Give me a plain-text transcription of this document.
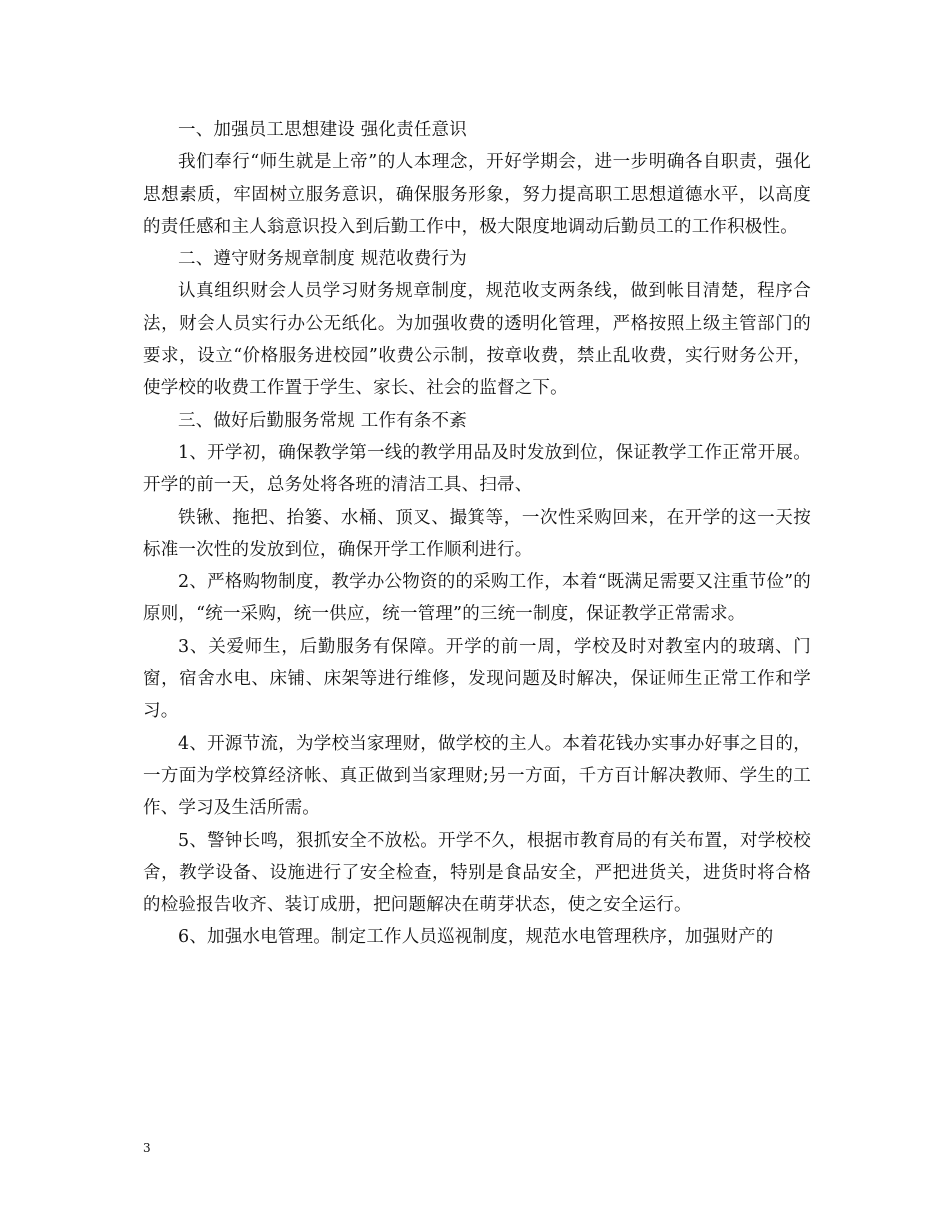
一、加强员工思想建设 强化责任意识

我们奉行“师生就是上帝”的人本理念，开好学期会，进一步明确各自职责，强化思想素质，牢固树立服务意识，确保服务形象，努力提高职工思想道德水平，以高度的责任感和主人翁意识投入到后勤工作中，极大限度地调动后勤员工的工作积极性。

二、遵守财务规章制度 规范收费行为

认真组织财会人员学习财务规章制度，规范收支两条线，做到帐目清楚，程序合法，财会人员实行办公无纸化。为加强收费的透明化管理，严格按照上级主管部门的要求，设立“价格服务进校园”收费公示制，按章收费，禁止乱收费，实行财务公开，使学校的收费工作置于学生、家长、社会的监督之下。

三、做好后勤服务常规 工作有条不紊

1、开学初，确保教学第一线的教学用品及时发放到位，保证教学工作正常开展。开学的前一天，总务处将各班的清洁工具、扫帚、

铁锹、拖把、抬篓、水桶、顶叉、撮箕等，一次性采购回来，在开学的这一天按标准一次性的发放到位，确保开学工作顺利进行。

2、严格购物制度，教学办公物资的的采购工作，本着“既满足需要又注重节俭”的原则，“统一采购，统一供应，统一管理”的三统一制度，保证教学正常需求。

3、关爱师生，后勤服务有保障。开学的前一周，学校及时对教室内的玻璃、门窗，宿舍水电、床铺、床架等进行维修，发现问题及时解决，保证师生正常工作和学习。

4、开源节流，为学校当家理财，做学校的主人。本着花钱办实事办好事之目的，一方面为学校算经济帐、真正做到当家理财;另一方面，千方百计解决教师、学生的工作、学习及生活所需。

5、警钟长鸣，狠抓安全不放松。开学不久，根据市教育局的有关布置，对学校校舍，教学设备、设施进行了安全检查，特别是食品安全，严把进货关，进货时将合格的检验报告收齐、装订成册，把问题解决在萌芽状态，使之安全运行。

6、加强水电管理。制定工作人员巡视制度，规范水电管理秩序，加强财产的

3
